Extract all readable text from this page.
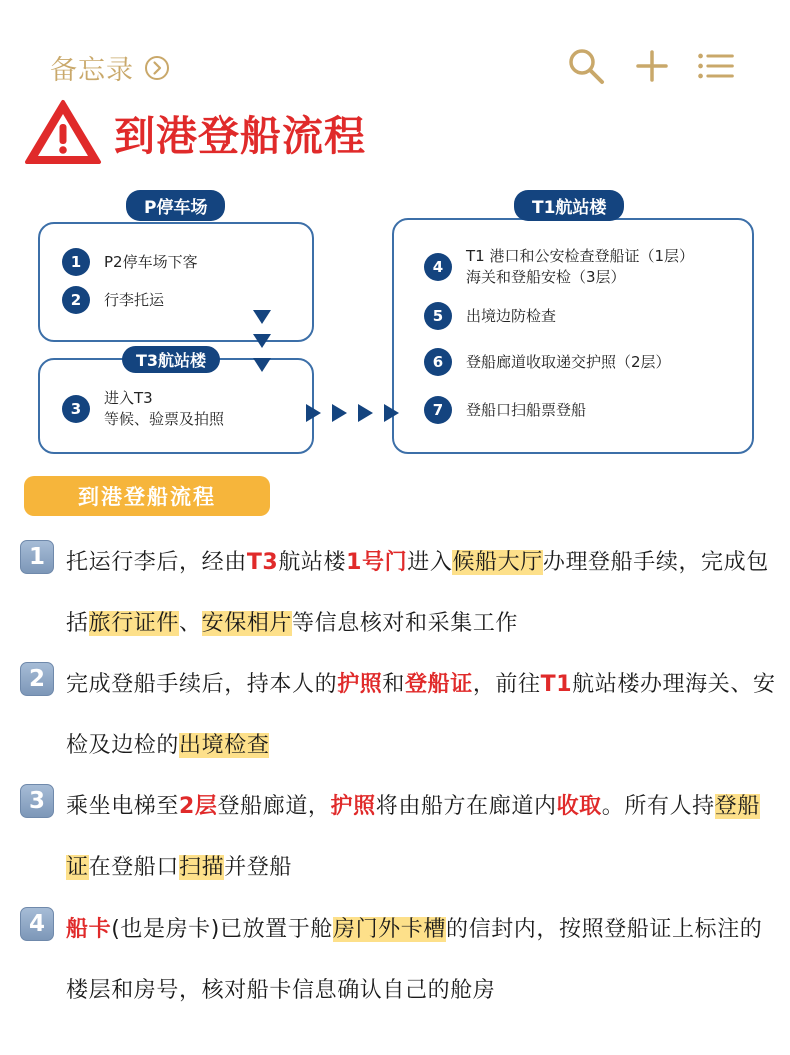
备忘录
到港登船流程
P停车场
T3航站楼
T1航站楼
1	P2停车场下客
2	行李托运
3
进入T3
等候、验票及拍照
4
T1 港口和公安检查登船证（1层）
海关和登船安检（3层）
5	出境边防检查
6	登船廊道收取递交护照（2层）
7	登船口扫船票登船
到港登船流程
1 托运行李后，经由T3航站楼1号门进入候船大厅办理登船手续，完成包括旅行证件、安保相片等信息核对和采集工作
2 完成登船手续后，持本人的护照和登船证，前往T1航站楼办理海关、安检及边检的出境检查
3 乘坐电梯至2层登船廊道，护照将由船方在廊道内收取。所有人持登船证在登船口扫描并登船
4 船卡(也是房卡)已放置于舱房门外卡槽的信封内，按照登船证上标注的楼层和房号，核对船卡信息确认自己的舱房
